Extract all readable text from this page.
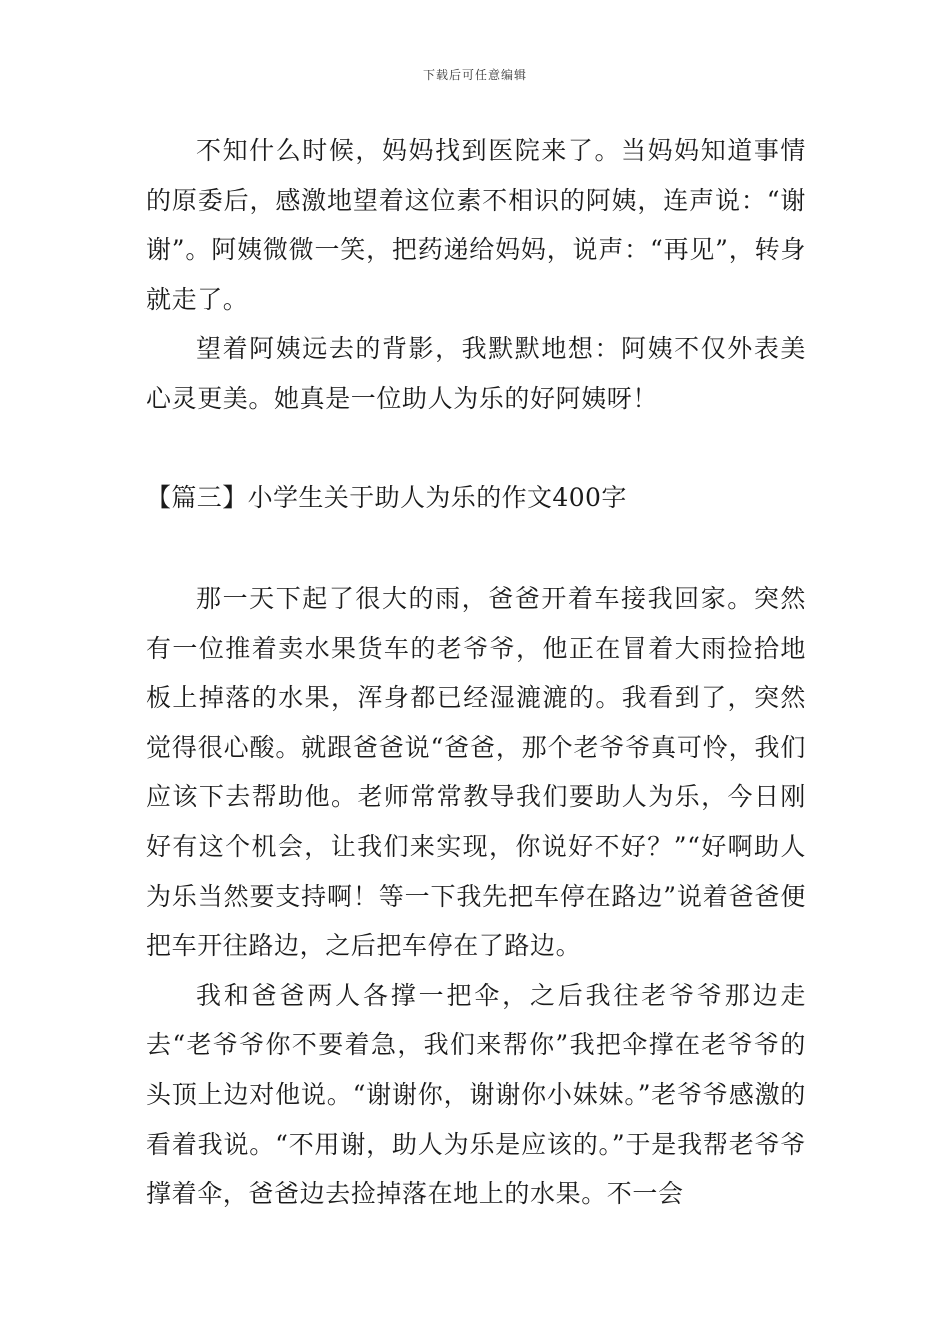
下载后可任意编辑

不知什么时候，妈妈找到医院来了。当妈妈知道事情的原委后，感激地望着这位素不相识的阿姨，连声说：“谢谢”。阿姨微微一笑，把药递给妈妈，说声：“再见”，转身就走了。

望着阿姨远去的背影，我默默地想：阿姨不仅外表美心灵更美。她真是一位助人为乐的好阿姨呀！

【篇三】小学生关于助人为乐的作文400字

那一天下起了很大的雨，爸爸开着车接我回家。突然有一位推着卖水果货车的老爷爷，他正在冒着大雨捡拾地板上掉落的水果，浑身都已经湿漉漉的。我看到了，突然觉得很心酸。就跟爸爸说“爸爸，那个老爷爷真可怜，我们应该下去帮助他。老师常常教导我们要助人为乐，今日刚好有这个机会，让我们来实现，你说好不好？”“好啊助人为乐当然要支持啊！等一下我先把车停在路边”说着爸爸便把车开往路边，之后把车停在了路边。

我和爸爸两人各撑一把伞，之后我往老爷爷那边走去“老爷爷你不要着急，我们来帮你”我把伞撑在老爷爷的头顶上边对他说。“谢谢你，谢谢你小妹妹。”老爷爷感激的看着我说。“不用谢，助人为乐是应该的。”于是我帮老爷爷撑着伞，爸爸边去捡掉落在地上的水果。不一会
